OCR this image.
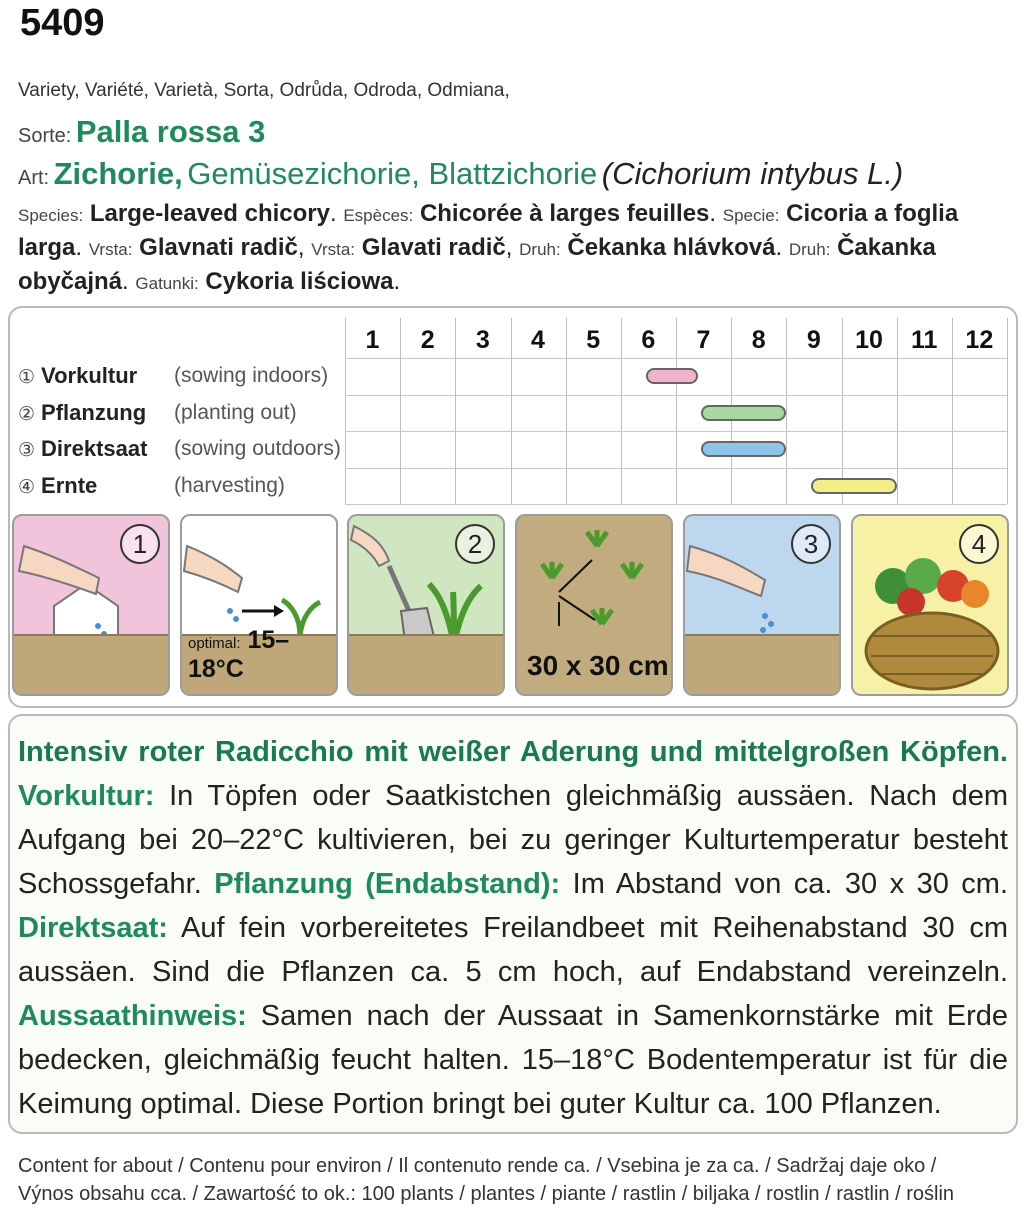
5409
Variety, Variété, Varietà, Sorta, Odrůda, Odroda, Odmiana,
Sorte: Palla rossa 3
Art: Zichorie, Gemüsezichorie, Blattzichorie (Cichorium intybus L.)
Species: Large-leaved chicory. Espèces: Chicorée à larges feuilles. Specie: Cicoria a foglia larga. Vrsta: Glavnati radič, Vrsta: Glavati radič, Druh: Čekanka hlávková. Druh: Čakanka obyčajná. Gatunki: Cykoria liściowa.
1	2	3	4	5	6	7	8	9	10	11	12
① Vorkultur (sowing indoors)
② Pflanzung (planting out)
③ Direktsaat (sowing outdoors)
④ Ernte	(harvesting)
1
optimal: 15–18°C
2
30 x 30 cm
3	4
Intensiv roter Radicchio mit weißer Aderung und mittelgroßen Köpfen. Vorkultur: In Töpfen oder Saatkistchen gleichmäßig aussäen. Nach dem Aufgang bei 20–22°C kultivieren, bei zu geringer Kulturtemperatur besteht Schossgefahr. Pflanzung (Endabstand): Im Abstand von ca. 30 x 30 cm. Direktsaat: Auf fein vorbereitetes Freilandbeet mit Reihenabstand 30 cm aussäen. Sind die Pflanzen ca. 5 cm hoch, auf Endabstand vereinzeln. Aussaathinweis: Samen nach der Aussaat in Samenkornstärke mit Erde bedecken, gleichmäßig feucht halten. 15–18°C Bodentemperatur ist für die Keimung optimal. Diese Portion bringt bei guter Kultur ca. 100 Pflanzen.
Content for about / Contenu pour environ / Il contenuto rende ca. / Vsebina je za ca. / Sadržaj daje oko /
Výnos obsahu cca. / Zawartość to ok.: 100 plants / plantes / piante / rastlin / biljaka / rostlin / rastlin / roślin
